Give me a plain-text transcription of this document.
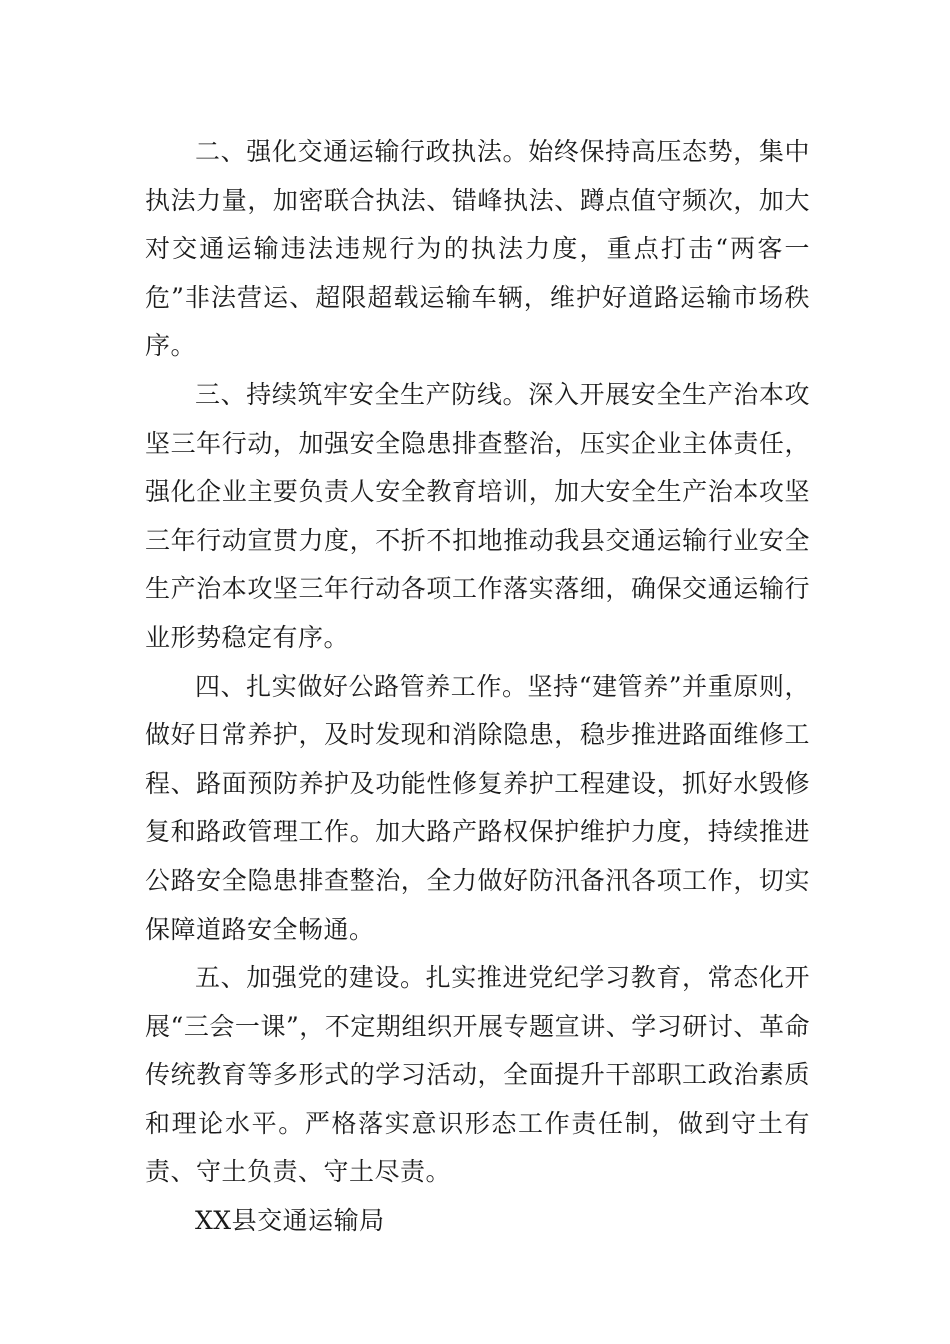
二、强化交通运输行政执法。始终保持高压态势，集中执法力量，加密联合执法、错峰执法、蹲点值守频次，加大对交通运输违法违规行为的执法力度，重点打击“两客一危”非法营运、超限超载运输车辆，维护好道路运输市场秩序。

三、持续筑牢安全生产防线。深入开展安全生产治本攻坚三年行动，加强安全隐患排查整治，压实企业主体责任，强化企业主要负责人安全教育培训，加大安全生产治本攻坚三年行动宣贯力度，不折不扣地推动我县交通运输行业安全生产治本攻坚三年行动各项工作落实落细，确保交通运输行业形势稳定有序。

四、扎实做好公路管养工作。坚持“建管养”并重原则，做好日常养护，及时发现和消除隐患，稳步推进路面维修工程、路面预防养护及功能性修复养护工程建设，抓好水毁修复和路政管理工作。加大路产路权保护维护力度，持续推进公路安全隐患排查整治，全力做好防汛备汛各项工作，切实保障道路安全畅通。

五、加强党的建设。扎实推进党纪学习教育，常态化开展“三会一课”，不定期组织开展专题宣讲、学习研讨、革命传统教育等多形式的学习活动，全面提升干部职工政治素质和理论水平。严格落实意识形态工作责任制，做到守土有责、守土负责、守土尽责。

XX县交通运输局
